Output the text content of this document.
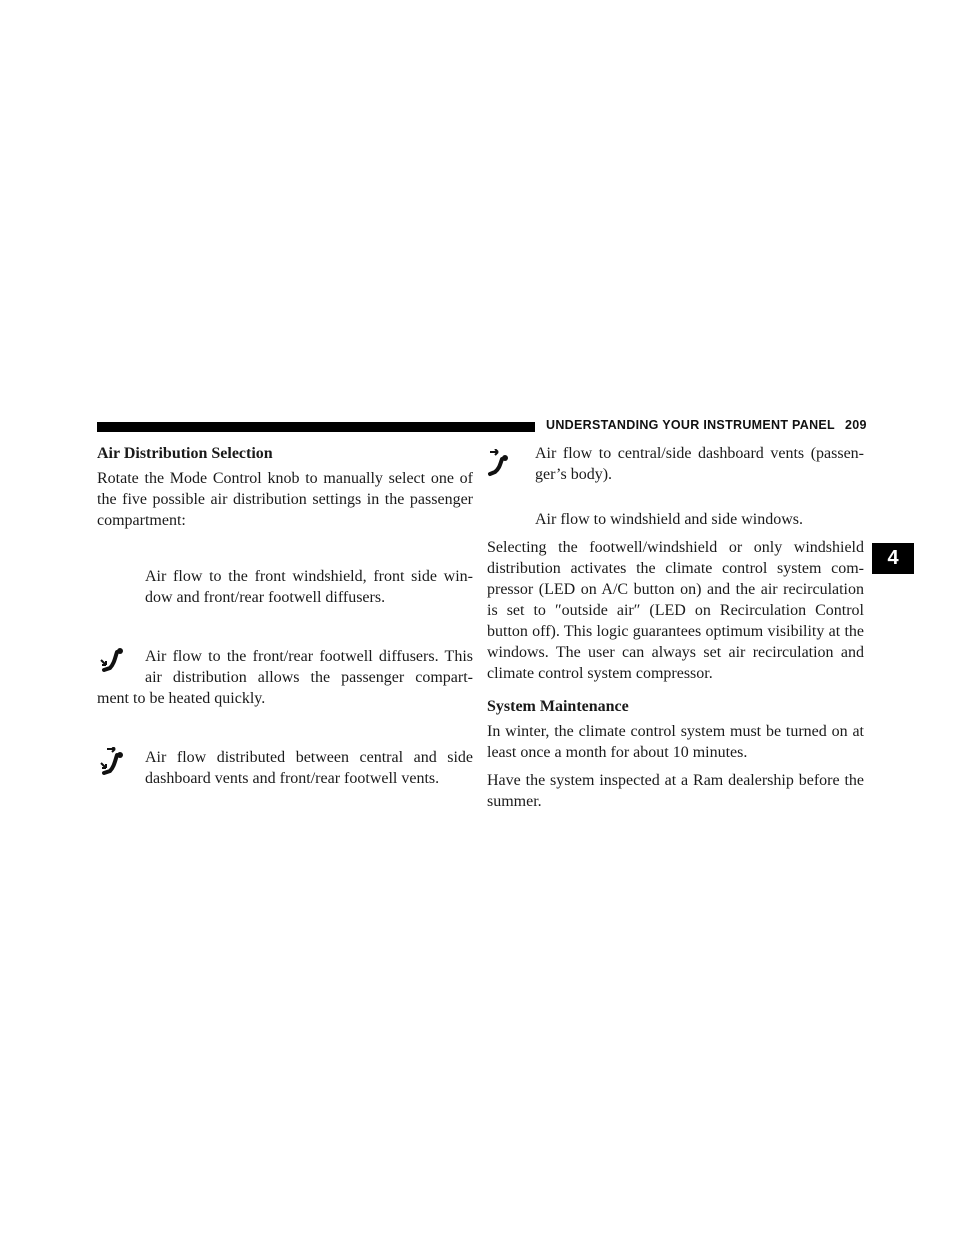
UNDERSTANDING YOUR INSTRUMENT PANEL 209
4
Air Distribution Selection

Rotate the Mode Control knob to manually select one of the five possible air distribution settings in the passenger compartment:

Air flow to the front windshield, front side win- dow and front/rear footwell diffusers.
Air flow to the front/rear footwell diffusers. This air distribution allows the passenger compart- ment to be heated quickly.
Air flow distributed between central and side dashboard vents and front/rear footwell vents.
Air flow to central/side dashboard vents (passen- ger’s body).
Air flow to windshield and side windows.

Selecting the footwell/windshield or only windshield distribution activates the climate control system com- pressor (LED on A/C button on) and the air recirculation is set to ″outside air″ (LED on Recirculation Control button off). This logic guarantees optimum visibility at the windows. The user can always set air recirculation and climate control system compressor.

System Maintenance

In winter, the climate control system must be turned on at least once a month for about 10 minutes.

Have the system inspected at a Ram dealership before the summer.
